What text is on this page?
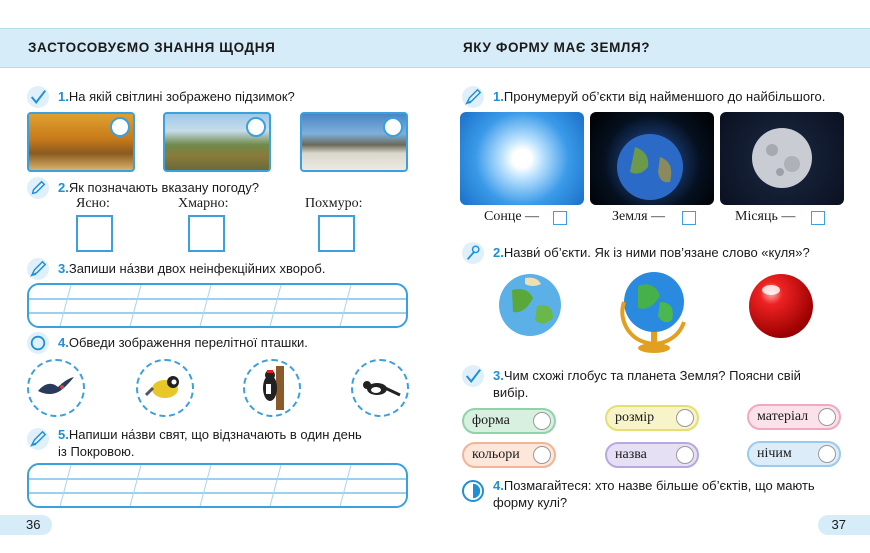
ЗАСТОСОВУЄМО ЗНАННЯ ЩОДНЯ
1.На якій світлині зображено підзимок?
2.Як позначають вказану погоду?
Ясно:	Хмарно:	Похмуро:
3.Запиши на́зви двох неінфекційних хвороб.
4.Обведи зображення перелітної пташки.
5.Напиши на́зви свят, що відзначають в один день
із Покровою.
36
ЯКУ ФОРМУ МАЄ ЗЕМЛЯ?
1.Пронумеруй об’єкти від найменшого до найбільшого.
Сонце —	Земля —	Місяць —
2.Назви́ об’єкти. Як із ними пов’язане слово «куля»?
3.Чим схожі глобус та планета Земля? Поясни свій
вибір.
форма	розмір	матеріал
кольори	назва	нічим
4.Позмагайтеся: хто назве більше об’єктів, що мають
форму кулі?
37
